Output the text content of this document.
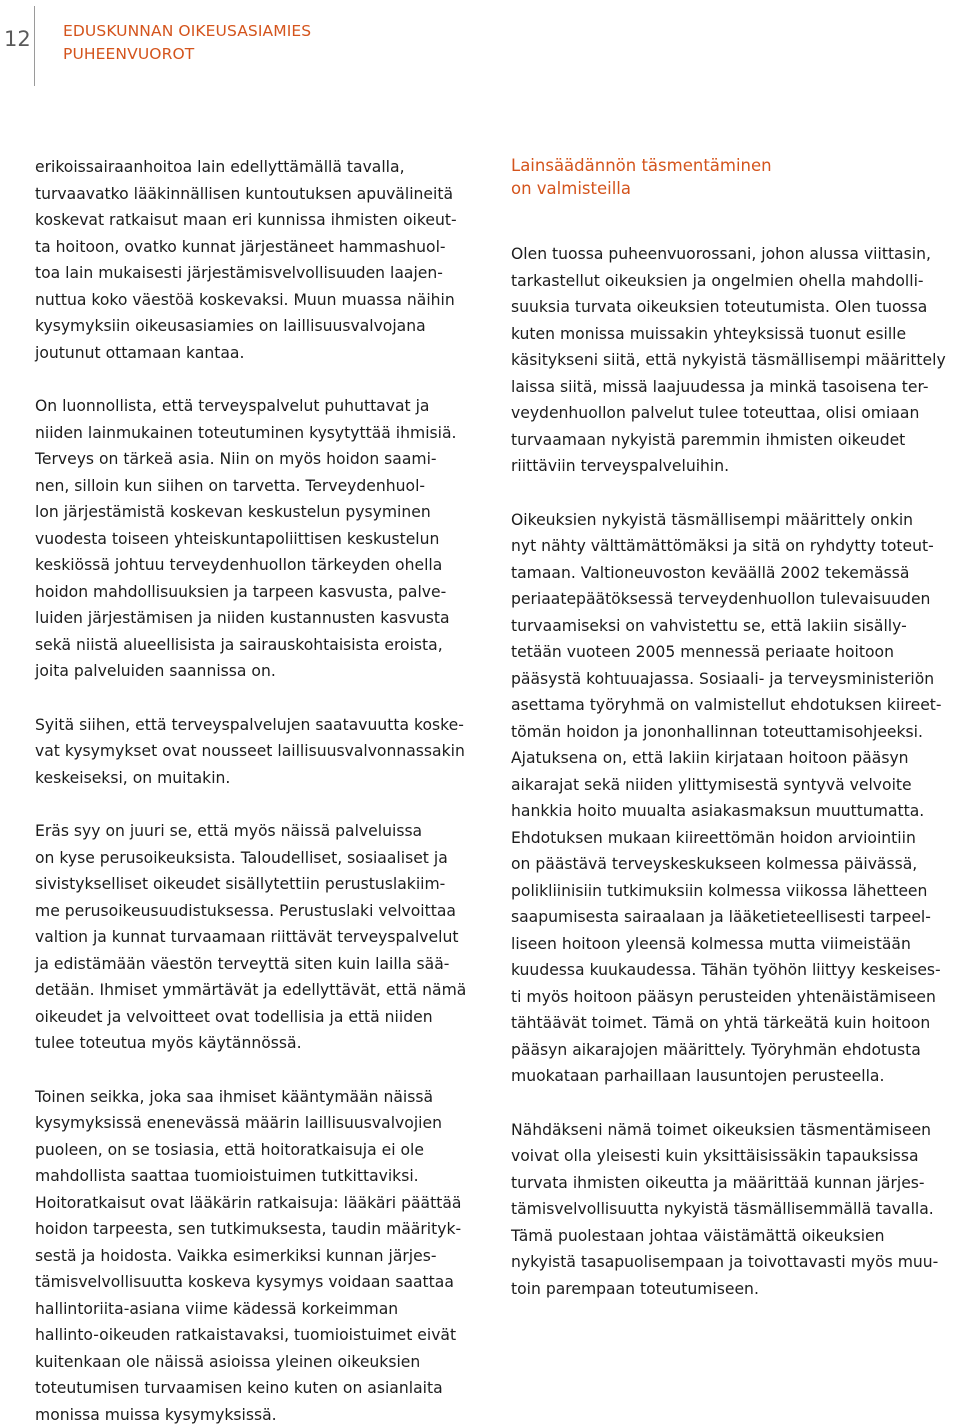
12 EDUSKUNNAN OIKEUSASIAMIES
PUHEENVUOROT

erikoissairaanhoitoa lain edellyttämällä tavalla,
turvaavatko lääkinnällisen kuntoutuksen apuvälineitä
koskevat ratkaisut maan eri kunnissa ihmisten oikeut-
ta hoitoon, ovatko kunnat järjestäneet hammashuol-
toa lain mukaisesti järjestämisvelvollisuuden laajen-
nuttua koko väestöä koskevaksi. Muun muassa näihin
kysymyksiin oikeusasiamies on laillisuusvalvojana
joutunut ottamaan kantaa.

On luonnollista, että terveyspalvelut puhuttavat ja
niiden lainmukainen toteutuminen kysytyttää ihmisiä.
Terveys on tärkeä asia. Niin on myös hoidon saami-
nen, silloin kun siihen on tarvetta. Terveydenhuol-
lon järjestämistä koskevan keskustelun pysyminen
vuodesta toiseen yhteiskuntapoliittisen keskustelun
keskiössä johtuu terveydenhuollon tärkeyden ohella
hoidon mahdollisuuksien ja tarpeen kasvusta, palve-
luiden järjestämisen ja niiden kustannusten kasvusta
sekä niistä alueellisista ja sairauskohtaisista eroista,
joita palveluiden saannissa on.

Syitä siihen, että terveyspalvelujen saatavuutta koske-
vat kysymykset ovat nousseet laillisuusvalvonnassakin
keskeiseksi, on muitakin.

Eräs syy on juuri se, että myös näissä palveluissa
on kyse perusoikeuksista. Taloudelliset, sosiaaliset ja
sivistykselliset oikeudet sisällytettiin perustuslakiim-
me perusoikeusuudistuksessa. Perustuslaki velvoittaa
valtion ja kunnat turvaamaan riittävät terveyspalvelut
ja edistämään väestön terveyttä siten kuin lailla sää-
detään. Ihmiset ymmärtävät ja edellyttävät, että nämä
oikeudet ja velvoitteet ovat todellisia ja että niiden
tulee toteutua myös käytännössä.

Toinen seikka, joka saa ihmiset kääntymään näissä
kysymyksissä enenevässä määrin laillisuusvalvojien
puoleen, on se tosiasia, että hoitoratkaisuja ei ole
mahdollista saattaa tuomioistuimen tutkittaviksi.
Hoitoratkaisut ovat lääkärin ratkaisuja: lääkäri päättää
hoidon tarpeesta, sen tutkimuksesta, taudin määrityk-
sestä ja hoidosta. Vaikka esimerkiksi kunnan järjes-
tämisvelvollisuutta koskeva kysymys voidaan saattaa
hallintoriita-asiana viime kädessä korkeimman
hallinto-oikeuden ratkaistavaksi, tuomioistuimet eivät
kuitenkaan ole näissä asioissa yleinen oikeuksien
toteutumisen turvaamisen keino kuten on asianlaita
monissa muissa kysymyksissä.

Lainsäädännön täsmentäminen
on valmisteilla

Olen tuossa puheenvuorossani, johon alussa viittasin,
tarkastellut oikeuksien ja ongelmien ohella mahdolli-
suuksia turvata oikeuksien toteutumista. Olen tuossa
kuten monissa muissakin yhteyksissä tuonut esille
käsitykseni siitä, että nykyistä täsmällisempi määrittely
laissa siitä, missä laajuudessa ja minkä tasoisena ter-
veydenhuollon palvelut tulee toteuttaa, olisi omiaan
turvaamaan nykyistä paremmin ihmisten oikeudet
riittäviin terveyspalveluihin.

Oikeuksien nykyistä täsmällisempi määrittely onkin
nyt nähty välttämättömäksi ja sitä on ryhdytty toteut-
tamaan. Valtioneuvoston keväällä 2002 tekemässä
periaatepäätöksessä terveydenhuollon tulevaisuuden
turvaamiseksi on vahvistettu se, että lakiin sisälly-
tetään vuoteen 2005 mennessä periaate hoitoon
pääsystä kohtuuajassa. Sosiaali- ja terveysministeriön
asettama työryhmä on valmistellut ehdotuksen kiireet-
tömän hoidon ja jononhallinnan toteuttamisohjeeksi.
Ajatuksena on, että lakiin kirjataan hoitoon pääsyn
aikarajat sekä niiden ylittymisestä syntyvä velvoite
hankkia hoito muualta asiakasmaksun muuttumatta.
Ehdotuksen mukaan kiireettömän hoidon arviointiin
on päästävä terveyskeskukseen kolmessa päivässä,
polikliinisiin tutkimuksiin kolmessa viikossa lähetteen
saapumisesta sairaalaan ja lääketieteellisesti tarpeel-
liseen hoitoon yleensä kolmessa mutta viimeistään
kuudessa kuukaudessa. Tähän työhön liittyy keskeises-
ti myös hoitoon pääsyn perusteiden yhtenäistämiseen
tähtäävät toimet. Tämä on yhtä tärkeätä kuin hoitoon
pääsyn aikarajojen määrittely. Työryhmän ehdotusta
muokataan parhaillaan lausuntojen perusteella.

Nähdäkseni nämä toimet oikeuksien täsmentämiseen
voivat olla yleisesti kuin yksittäisissäkin tapauksissa
turvata ihmisten oikeutta ja määrittää kunnan järjes-
tämisvelvollisuutta nykyistä täsmällisemmällä tavalla.
Tämä puolestaan johtaa väistämättä oikeuksien
nykyistä tasapuolisempaan ja toivottavasti myös muu-
toin parempaan toteutumiseen.
